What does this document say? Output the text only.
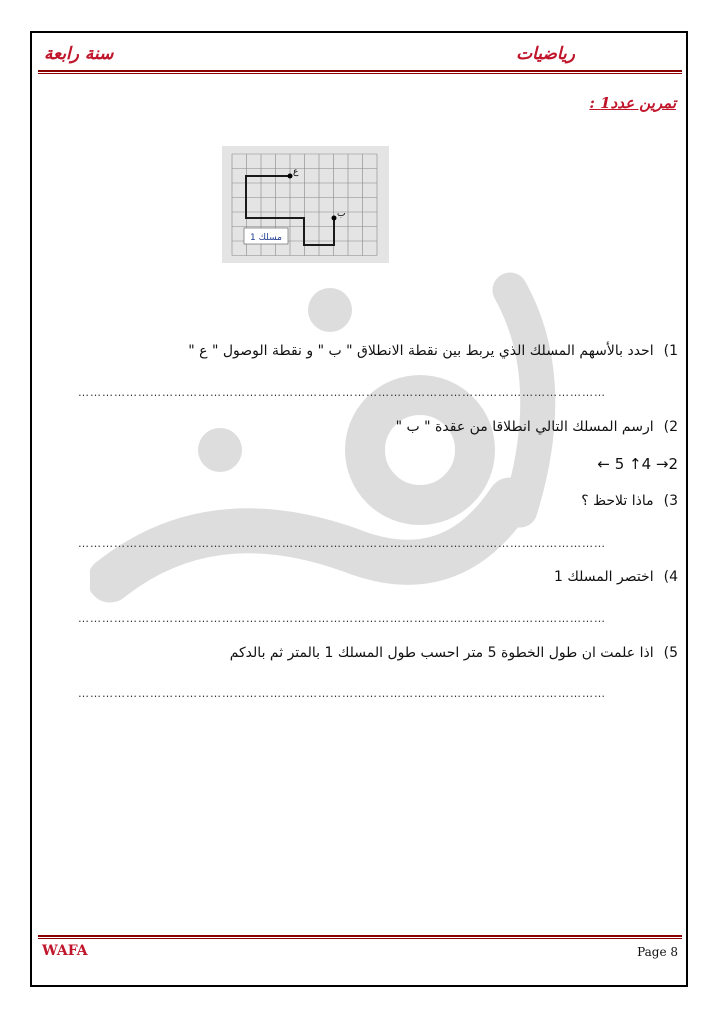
سنة رابعة	رياضيات
تمرين عدد1 :
ع
ب
مسلك 1
1)احدد بالأسهم المسلك الذي يربط بين نقطة الانطلاق " ب " و نقطة الوصول " ع "
……………………………………………………………………………………………………………………
2)ارسم المسلك التالي انطلاقا من عقدة " ب "
← 5 ↑4 →2
3)ماذا تلاحظ ؟
……………………………………………………………………………………………………………………
4)اختصر المسلك 1
……………………………………………………………………………………………………………………
5)اذا علمت ان طول الخطوة 5 متر احسب طول المسلك 1 بالمتر ثم بالدكم
……………………………………………………………………………………………………………………
WAFA	Page 8
